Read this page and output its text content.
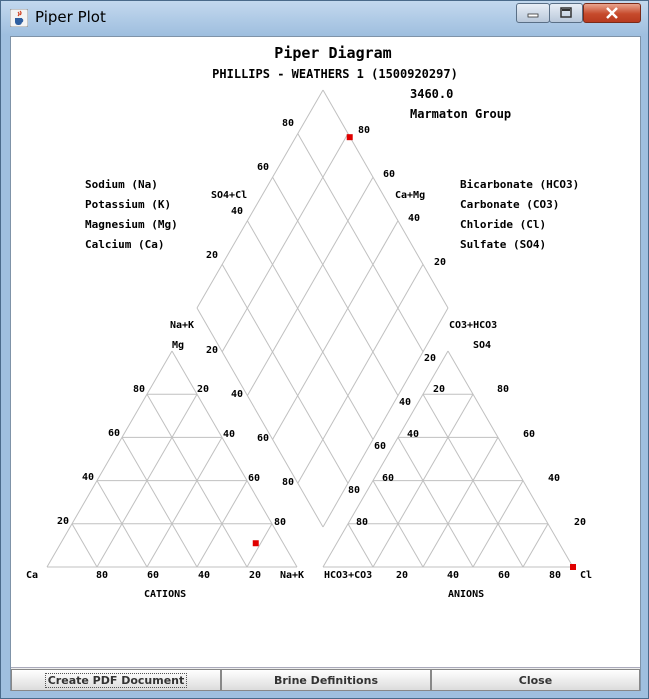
Piper Plot
Piper Diagram
PHILLIPS - WEATHERS 1 (1500920297)
3460.0
Marmaton Group
Sodium (Na)
Potassium (K)
Magnesium (Mg)
Calcium (Ca)
Bicarbonate (HCO3)
Carbonate (CO3)
Chloride (Cl)
Sulfate (SO4)
SO4+Cl	Ca+Mg
Na+K	CO3+HCO3
80
60
40
20
80
60
40
20
20
40
60
80
20
40
60
80
Mg
Ca	Na+K
CATIONS
80	60	40	20
20
40
60
80	20
40
60
80
SO4
HCO3+CO3	Cl
ANIONS
20	40	60	80
80
60
40
20	80
60
40
20
Create PDF Document	Brine Definitions	Close
